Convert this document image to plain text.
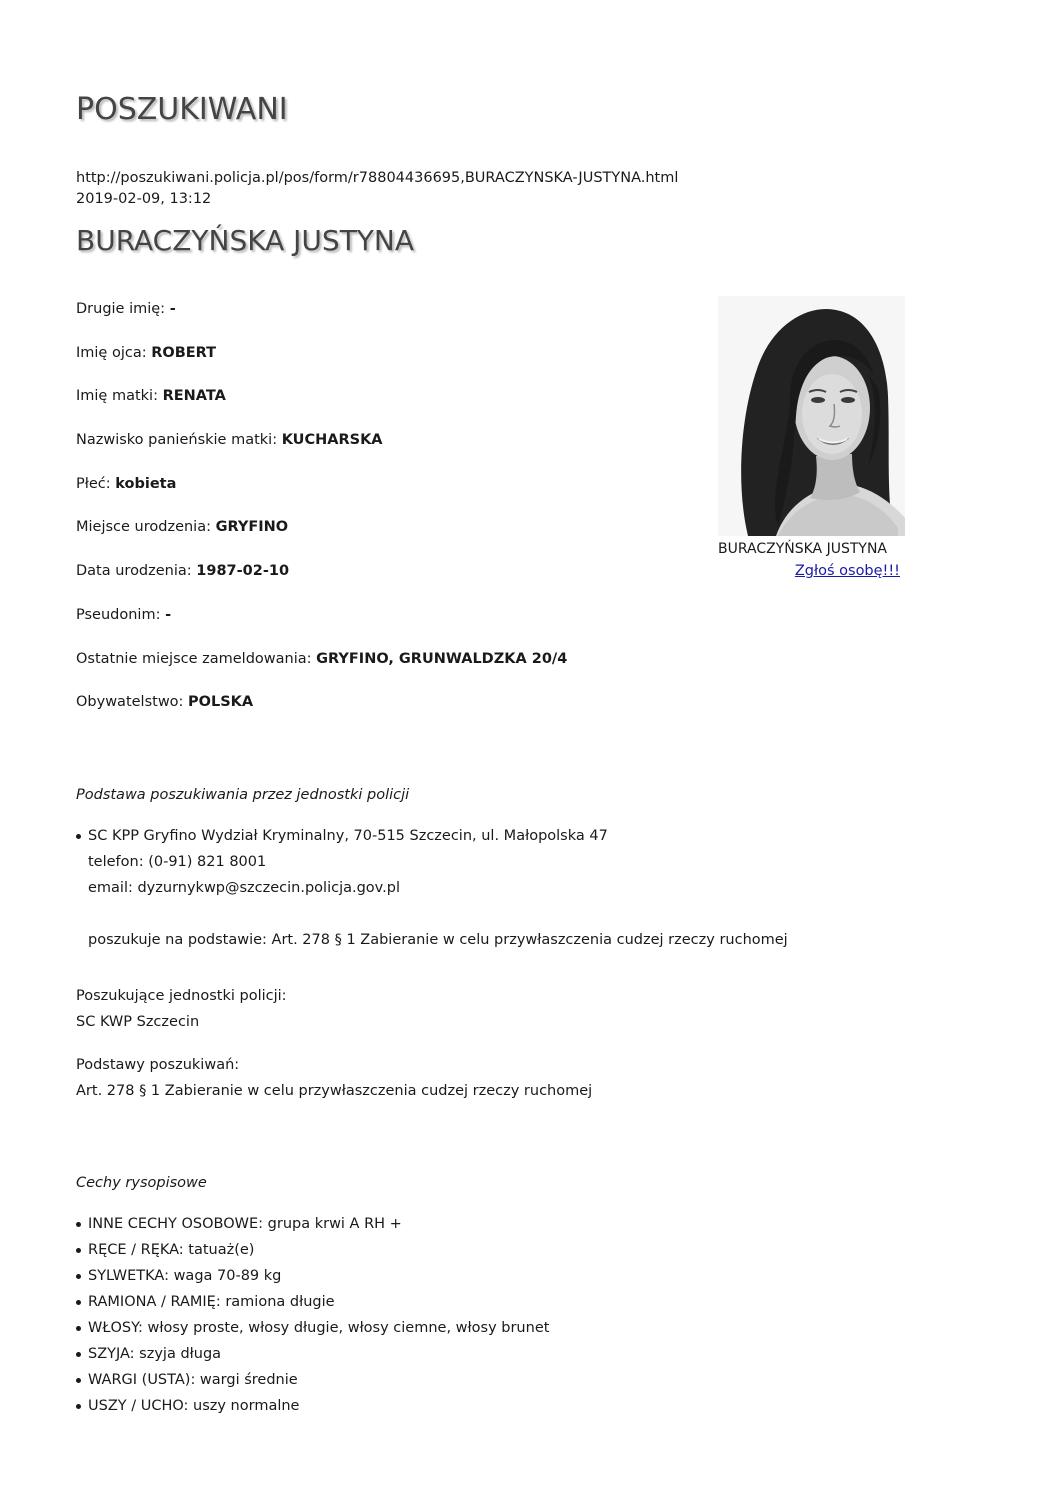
POSZUKIWANI
http://poszukiwani.policja.pl/pos/form/r78804436695,BURACZYNSKA-JUSTYNA.html
2019-02-09, 13:12
BURACZYŃSKA JUSTYNA
Drugie imię: -
Imię ojca: ROBERT
Imię matki: RENATA
Nazwisko panieńskie matki: KUCHARSKA
Płeć: kobieta
Miejsce urodzenia: GRYFINO
Data urodzenia: 1987-02-10
Pseudonim: -
Ostatnie miejsce zameldowania: GRYFINO, GRUNWALDZKA 20/4
Obywatelstwo: POLSKA
BURACZYŃSKA JUSTYNA
Zgłoś osobę!!!
Podstawa poszukiwania przez jednostki policji
SC KPP Gryfino Wydział Kryminalny, 70-515 Szczecin, ul. Małopolska 47
telefon: (0-91) 821 8001
email: dyzurnykwp@szczecin.policja.gov.pl
poszukuje na podstawie: Art. 278 § 1 Zabieranie w celu przywłaszczenia cudzej rzeczy ruchomej
Poszukujące jednostki policji:
SC KWP Szczecin
Podstawy poszukiwań:
Art. 278 § 1 Zabieranie w celu przywłaszczenia cudzej rzeczy ruchomej
Cechy rysopisowe
INNE CECHY OSOBOWE: grupa krwi A RH +
RĘCE / RĘKA: tatuaż(e)
SYLWETKA: waga 70-89 kg
RAMIONA / RAMIĘ: ramiona długie
WŁOSY: włosy proste, włosy długie, włosy ciemne, włosy brunet
SZYJA: szyja długa
WARGI (USTA): wargi średnie
USZY / UCHO: uszy normalne
